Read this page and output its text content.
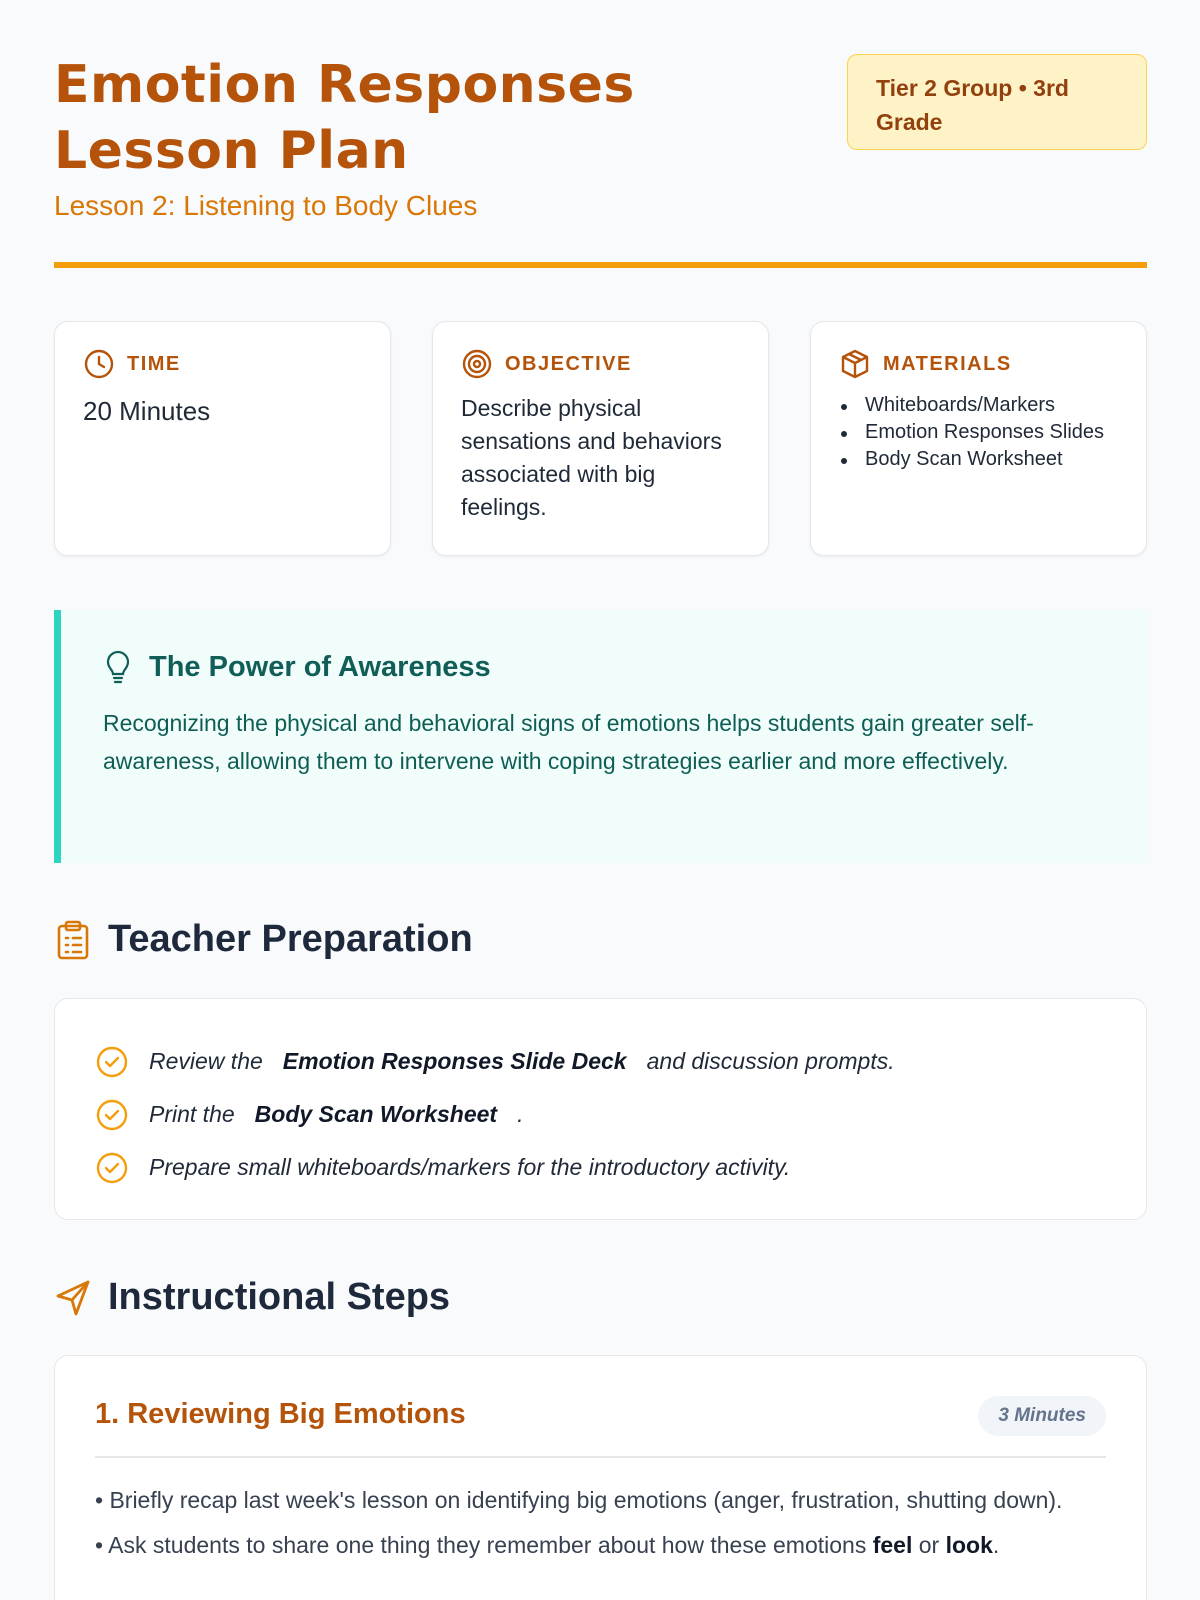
Emotion Responses Lesson Plan
Lesson 2: Listening to Body Clues
Tier 2 Group • 3rd Grade
TIME
20 Minutes
OBJECTIVE
Describe physical sensations and behaviors associated with big feelings.
MATERIALS
Whiteboards/Markers
Emotion Responses Slides
Body Scan Worksheet
The Power of Awareness

Recognizing the physical and behavioral signs of emotions helps students gain greater self-awareness, allowing them to intervene with coping strategies earlier and more effectively.

Teacher Preparation
Review the Emotion Responses Slide Deck and discussion prompts.
Print the Body Scan Worksheet .
Prepare small whiteboards/markers for the introductory activity.
Instructional Steps
1. Reviewing Big Emotions	3 Minutes

• Briefly recap last week's lesson on identifying big emotions (anger, frustration, shutting down).

• Ask students to share one thing they remember about how these emotions feel or look.
